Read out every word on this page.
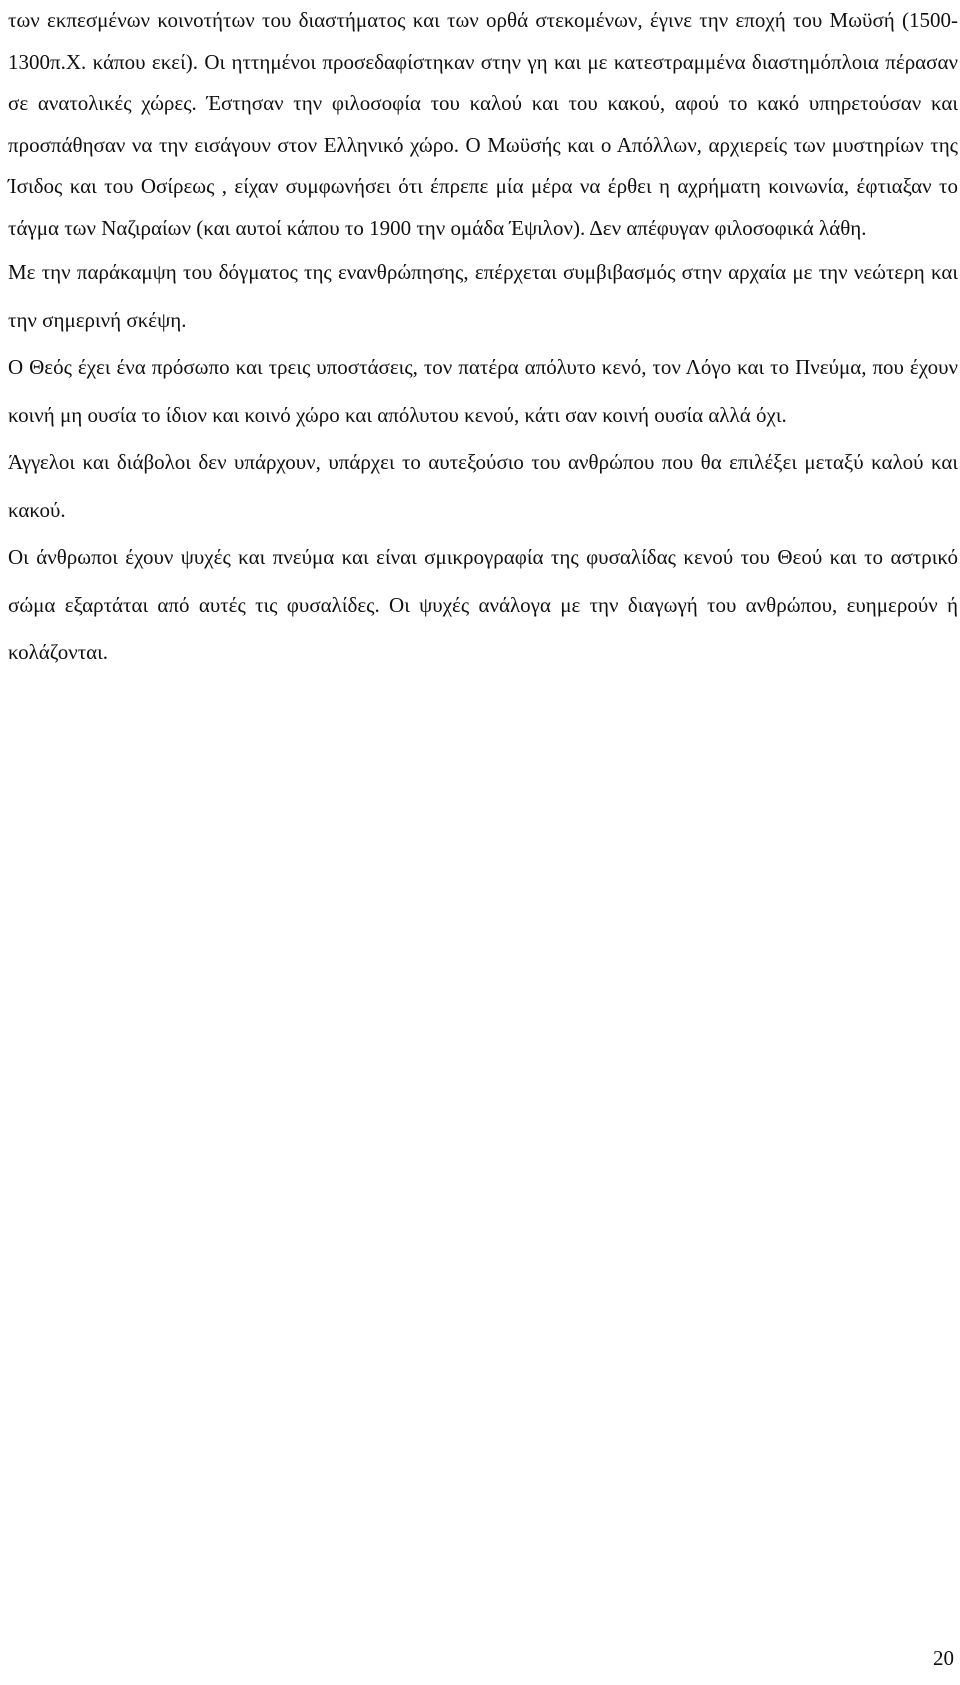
των εκπεσμένων κοινοτήτων του διαστήματος και των ορθά στεκομένων, έγινε την εποχή του Μωϋσή (1500-1300π.Χ. κάπου εκεί). Οι ηττημένοι προσεδαφίστηκαν στην γη και με κατεστραμμένα διαστημόπλοια πέρασαν σε ανατολικές χώρες. Έστησαν την φιλοσοφία του καλού και του κακού, αφού το κακό υπηρετούσαν και προσπάθησαν να την εισάγουν στον Ελληνικό χώρο. Ο Μωϋσής και ο Απόλλων, αρχιερείς των μυστηρίων της Ίσιδος και του Οσίρεως , είχαν συμφωνήσει ότι έπρεπε μία μέρα να έρθει η αχρήματη κοινωνία, έφτιαξαν το τάγμα των Ναζιραίων (και αυτοί κάπου το 1900 την ομάδα Έψιλον). Δεν απέφυγαν φιλοσοφικά λάθη.

Με την παράκαμψη του δόγματος της ενανθρώπησης, επέρχεται συμβιβασμός στην αρχαία με την νεώτερη και την σημερινή σκέψη.

Ο Θεός έχει ένα πρόσωπο και τρεις υποστάσεις, τον πατέρα απόλυτο κενό, τον Λόγο και το Πνεύμα, που έχουν κοινή μη ουσία το ίδιον και κοινό χώρο και απόλυτου κενού, κάτι σαν κοινή ουσία αλλά όχι.

Άγγελοι και διάβολοι δεν υπάρχουν, υπάρχει το αυτεξούσιο του ανθρώπου που θα επιλέξει μεταξύ καλού και κακού.

Οι άνθρωποι έχουν ψυχές και πνεύμα και είναι σμικρογραφία της φυσαλίδας κενού του Θεού και το αστρικό σώμα εξαρτάται από αυτές τις φυσαλίδες. Οι ψυχές ανάλογα με την διαγωγή του ανθρώπου, ευημερούν ή κολάζονται.

20
